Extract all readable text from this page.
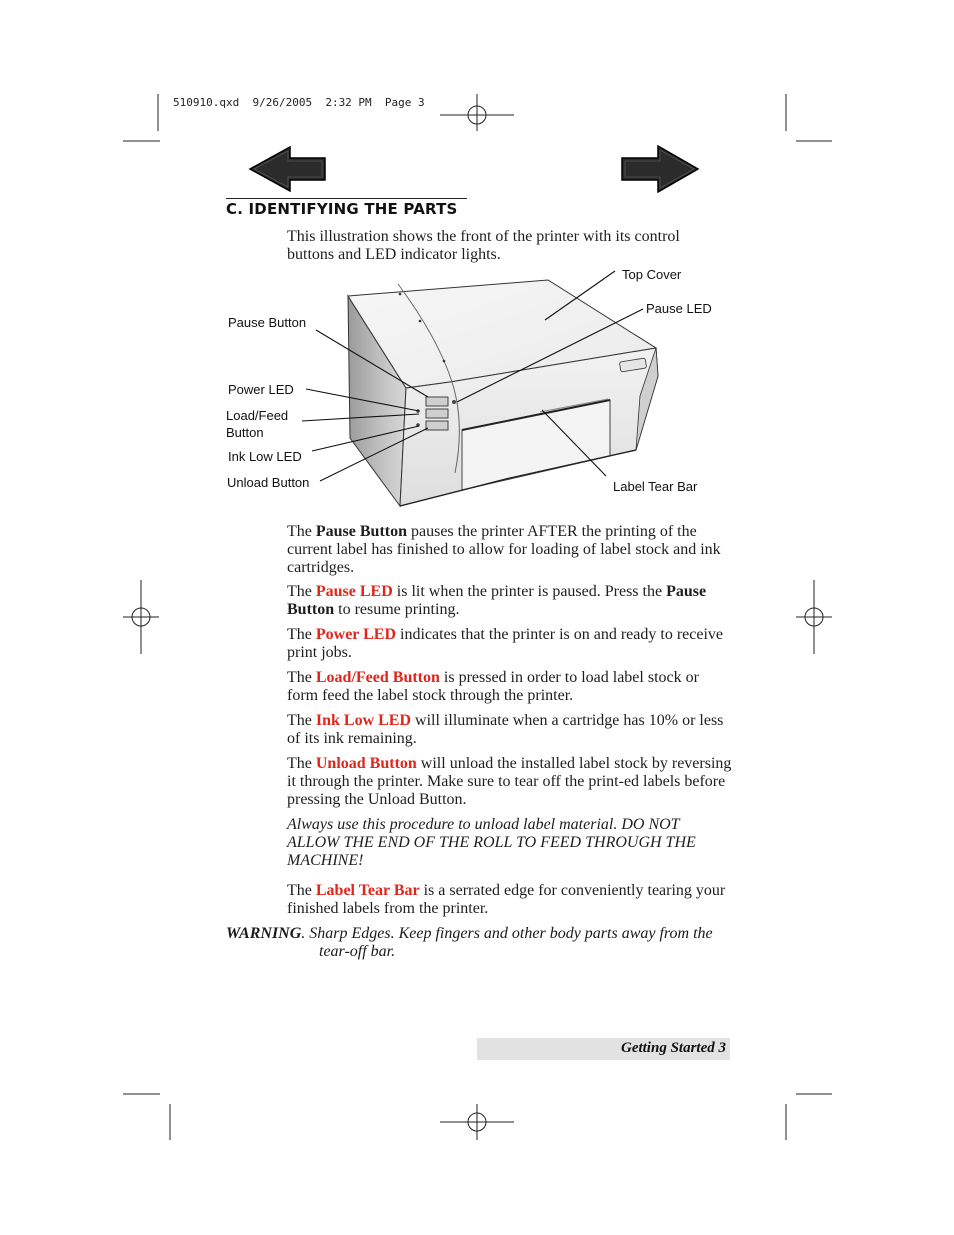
510910.qxd  9/26/2005  2:32 PM  Page 3
C. IDENTIFYING THE PARTS

This illustration shows the front of the printer with its control buttons and LED indicator lights.

Top Cover
Pause LED
Pause Button
Power LED
Load/Feed
Button
Ink Low LED
Unload Button	Label Tear Bar

The Pause Button pauses the printer AFTER the printing of the current label has finished to allow for loading of label stock and ink cartridges.

The Pause LED is lit when the printer is paused. Press the Pause Button to resume printing.

The Power LED indicates that the printer is on and ready to receive print jobs.

The Load/Feed Button is pressed in order to load label stock or form feed the label stock through the printer.

The Ink Low LED will illuminate when a cartridge has 10% or less of its ink remaining.

The Unload Button will unload the installed label stock by reversing it through the printer. Make sure to tear off the print-ed labels before pressing the Unload Button.

Always use this procedure to unload label material. DO NOT ALLOW THE END OF THE ROLL TO FEED THROUGH THE MACHINE!

The Label Tear Bar is a serrated edge for conveniently tearing your finished labels from the printer.

WARNING. Sharp Edges. Keep fingers and other body parts away from the
tear-off bar.
Getting Started 3
